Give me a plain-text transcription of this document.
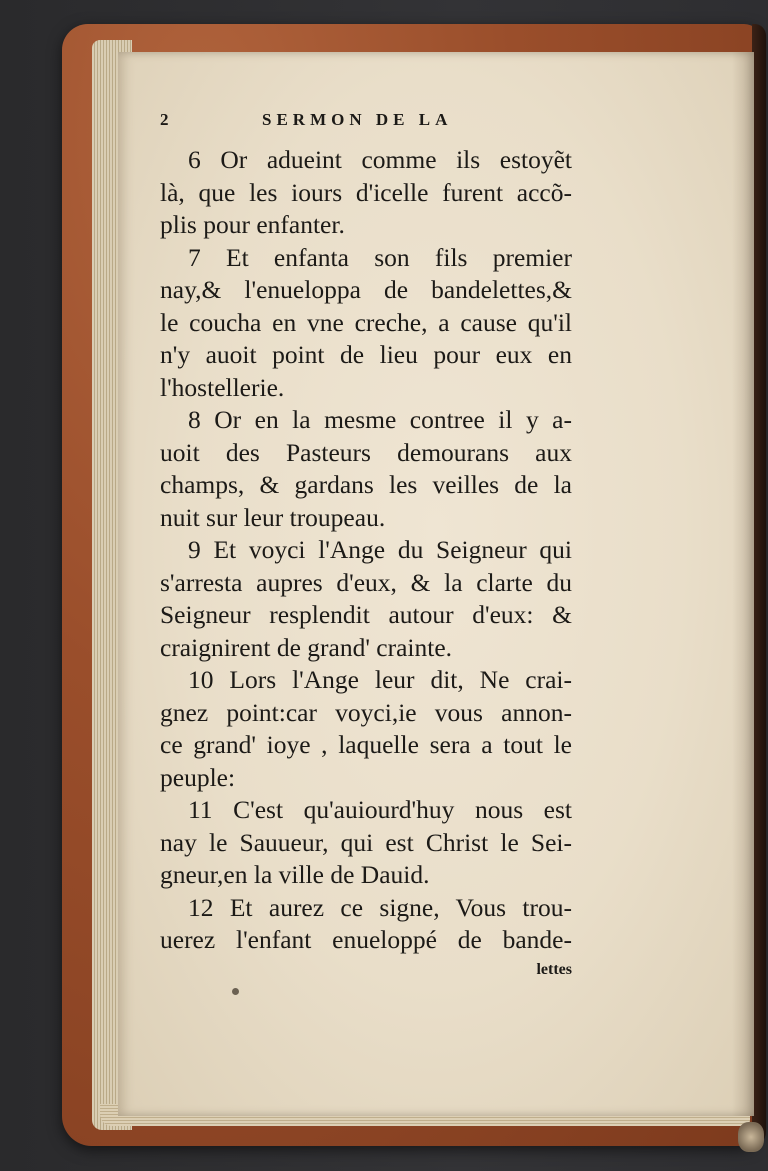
2	SERMON DE LA
6 Or adueint comme ils estoyẽt
là, que les iours d'icelle furent accõ-
plis pour enfanter.
7 Et enfanta son fils premier
nay,& l'enueloppa de bandelettes,&
le coucha en vne creche, a cause qu'il
n'y auoit point de lieu pour eux en
l'hostellerie.
8 Or en la mesme contree il y a-
uoit des Pasteurs demourans aux
champs, & gardans les veilles de la
nuit sur leur troupeau.
9 Et voyci l'Ange du Seigneur qui
s'arresta aupres d'eux, & la clarte du
Seigneur resplendit autour d'eux: &
craignirent de grand' crainte.
10 Lors l'Ange leur dit, Ne crai-
gnez point:car voyci,ie vous annon-
ce grand' ioye , laquelle sera a tout le
peuple:
11 C'est qu'auiourd'huy nous est
nay le Sauueur, qui est Christ le Sei-
gneur,en la ville de Dauid.
12 Et aurez ce signe, Vous trou-
uerez l'enfant enueloppé de bande-
lettes
